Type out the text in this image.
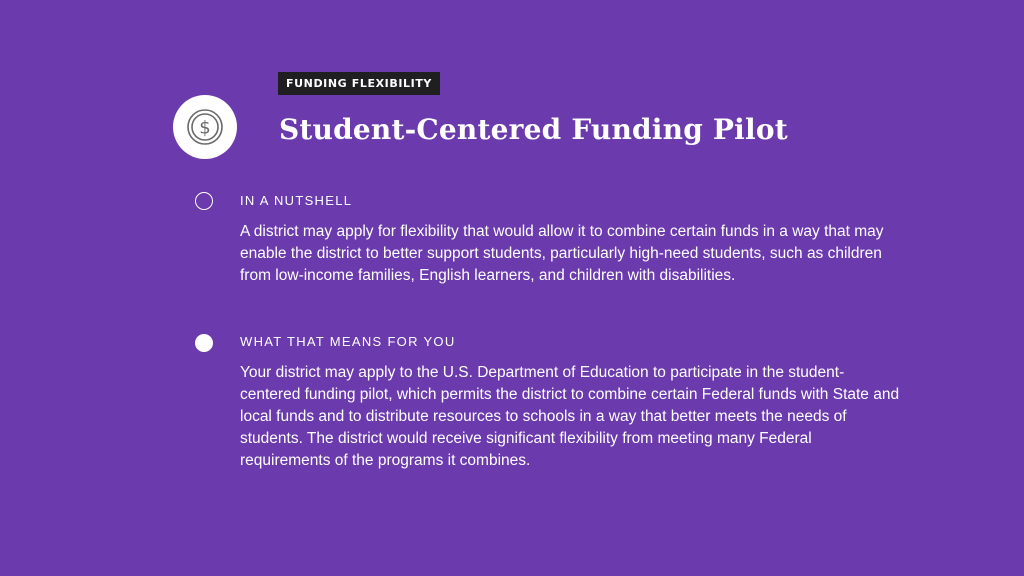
FUNDING FLEXIBILITY
$ Student-Centered Funding Pilot
IN A NUTSHELL

A district may apply for flexibility that would allow it to combine certain funds in a way that may enable the district to better support students, particularly high-need students, such as children from low-income families, English learners, and children with disabilities.

WHAT THAT MEANS FOR YOU

Your district may apply to the U.S. Department of Education to participate in the student-centered funding pilot, which permits the district to combine certain Federal funds with State and local funds and to distribute resources to schools in a way that better meets the needs of students. The district would receive significant flexibility from meeting many Federal requirements of the programs it combines.
